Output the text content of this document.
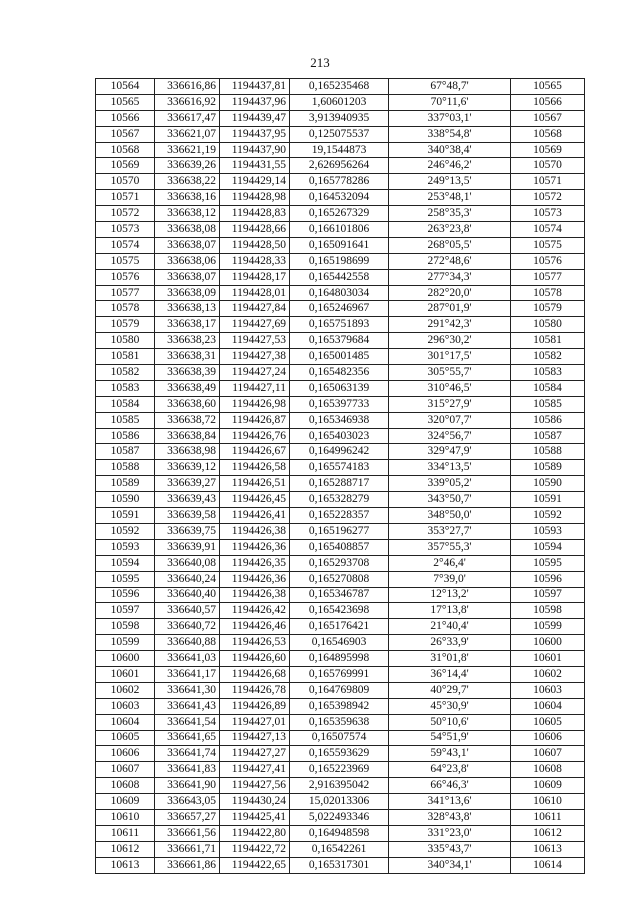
213
10564	336616,86	1194437,81	0,165235468	67°48,7'	10565
10565	336616,92	1194437,96	1,60601203	70°11,6'	10566
10566	336617,47	1194439,47	3,913940935	337°03,1'	10567
10567	336621,07	1194437,95	0,125075537	338°54,8'	10568
10568	336621,19	1194437,90	19,1544873	340°38,4'	10569
10569	336639,26	1194431,55	2,626956264	246°46,2'	10570
10570	336638,22	1194429,14	0,165778286	249°13,5'	10571
10571	336638,16	1194428,98	0,164532094	253°48,1'	10572
10572	336638,12	1194428,83	0,165267329	258°35,3'	10573
10573	336638,08	1194428,66	0,166101806	263°23,8'	10574
10574	336638,07	1194428,50	0,165091641	268°05,5'	10575
10575	336638,06	1194428,33	0,165198699	272°48,6'	10576
10576	336638,07	1194428,17	0,165442558	277°34,3'	10577
10577	336638,09	1194428,01	0,164803034	282°20,0'	10578
10578	336638,13	1194427,84	0,165246967	287°01,9'	10579
10579	336638,17	1194427,69	0,165751893	291°42,3'	10580
10580	336638,23	1194427,53	0,165379684	296°30,2'	10581
10581	336638,31	1194427,38	0,165001485	301°17,5'	10582
10582	336638,39	1194427,24	0,165482356	305°55,7'	10583
10583	336638,49	1194427,11	0,165063139	310°46,5'	10584
10584	336638,60	1194426,98	0,165397733	315°27,9'	10585
10585	336638,72	1194426,87	0,165346938	320°07,7'	10586
10586	336638,84	1194426,76	0,165403023	324°56,7'	10587
10587	336638,98	1194426,67	0,164996242	329°47,9'	10588
10588	336639,12	1194426,58	0,165574183	334°13,5'	10589
10589	336639,27	1194426,51	0,165288717	339°05,2'	10590
10590	336639,43	1194426,45	0,165328279	343°50,7'	10591
10591	336639,58	1194426,41	0,165228357	348°50,0'	10592
10592	336639,75	1194426,38	0,165196277	353°27,7'	10593
10593	336639,91	1194426,36	0,165408857	357°55,3'	10594
10594	336640,08	1194426,35	0,165293708	2°46,4'	10595
10595	336640,24	1194426,36	0,165270808	7°39,0'	10596
10596	336640,40	1194426,38	0,165346787	12°13,2'	10597
10597	336640,57	1194426,42	0,165423698	17°13,8'	10598
10598	336640,72	1194426,46	0,165176421	21°40,4'	10599
10599	336640,88	1194426,53	0,16546903	26°33,9'	10600
10600	336641,03	1194426,60	0,164895998	31°01,8'	10601
10601	336641,17	1194426,68	0,165769991	36°14,4'	10602
10602	336641,30	1194426,78	0,164769809	40°29,7'	10603
10603	336641,43	1194426,89	0,165398942	45°30,9'	10604
10604	336641,54	1194427,01	0,165359638	50°10,6'	10605
10605	336641,65	1194427,13	0,16507574	54°51,9'	10606
10606	336641,74	1194427,27	0,165593629	59°43,1'	10607
10607	336641,83	1194427,41	0,165223969	64°23,8'	10608
10608	336641,90	1194427,56	2,916395042	66°46,3'	10609
10609	336643,05	1194430,24	15,02013306	341°13,6'	10610
10610	336657,27	1194425,41	5,022493346	328°43,8'	10611
10611	336661,56	1194422,80	0,164948598	331°23,0'	10612
10612	336661,71	1194422,72	0,16542261	335°43,7'	10613
10613	336661,86	1194422,65	0,165317301	340°34,1'	10614
